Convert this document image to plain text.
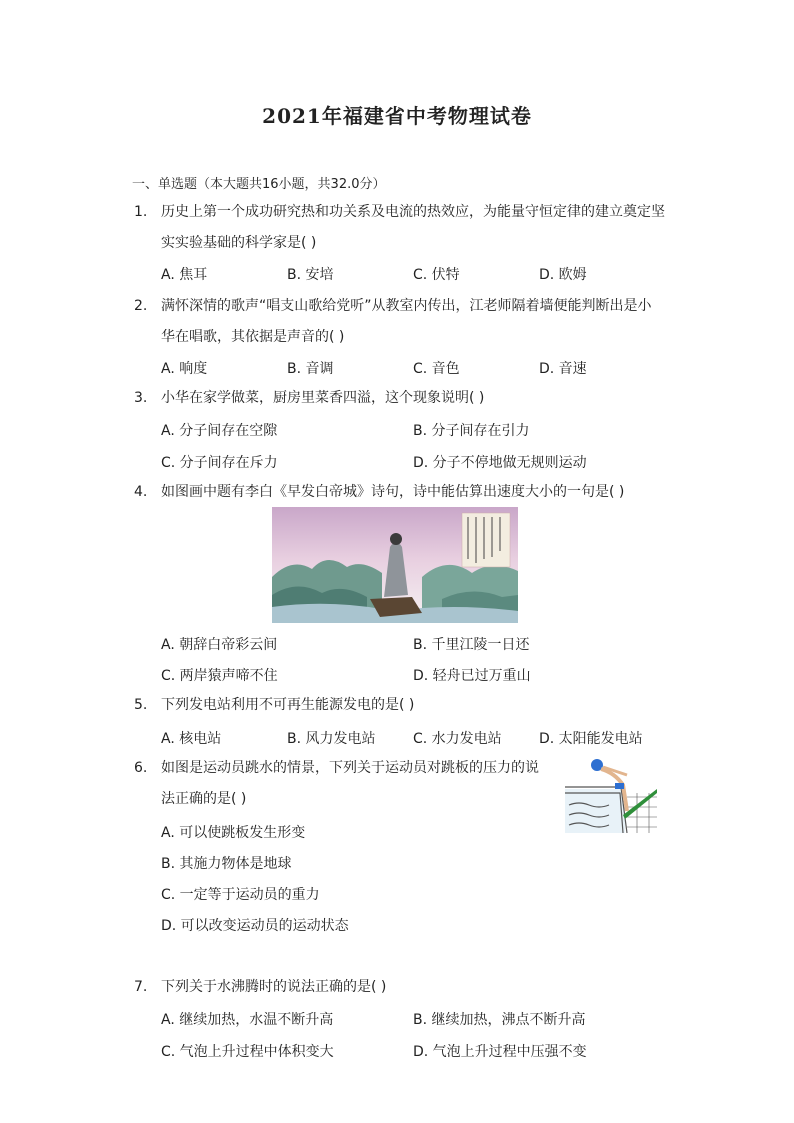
2021年福建省中考物理试卷
一、单选题（本大题共16小题，共32.0分）
1. 历史上第一个成功研究热和功关系及电流的热效应，为能量守恒定律的建立奠定坚
实实验基础的科学家是( )
A. 焦耳	B. 安培	C. 伏特	D. 欧姆
2. 满怀深情的歌声“唱支山歌给党听”从教室内传出，江老师隔着墙便能判断出是小
华在唱歌，其依据是声音的( )
A. 响度	B. 音调	C. 音色	D. 音速
3. 小华在家学做菜，厨房里菜香四溢，这个现象说明( )
A. 分子间存在空隙	B. 分子间存在引力
C. 分子间存在斥力	D. 分子不停地做无规则运动
4. 如图画中题有李白《早发白帝城》诗句，诗中能估算出速度大小的一句是( )
A. 朝辞白帝彩云间	B. 千里江陵一日还
C. 两岸猿声啼不住	D. 轻舟已过万重山
5. 下列发电站利用不可再生能源发电的是( )
A. 核电站	B. 风力发电站	C. 水力发电站	D. 太阳能发电站
6. 如图是运动员跳水的情景，下列关于运动员对跳板的压力的说
法正确的是( )
A. 可以使跳板发生形变
B. 其施力物体是地球
C. 一定等于运动员的重力
D. 可以改变运动员的运动状态
7. 下列关于水沸腾时的说法正确的是( )
A. 继续加热，水温不断升高	B. 继续加热，沸点不断升高
C. 气泡上升过程中体积变大	D. 气泡上升过程中压强不变
